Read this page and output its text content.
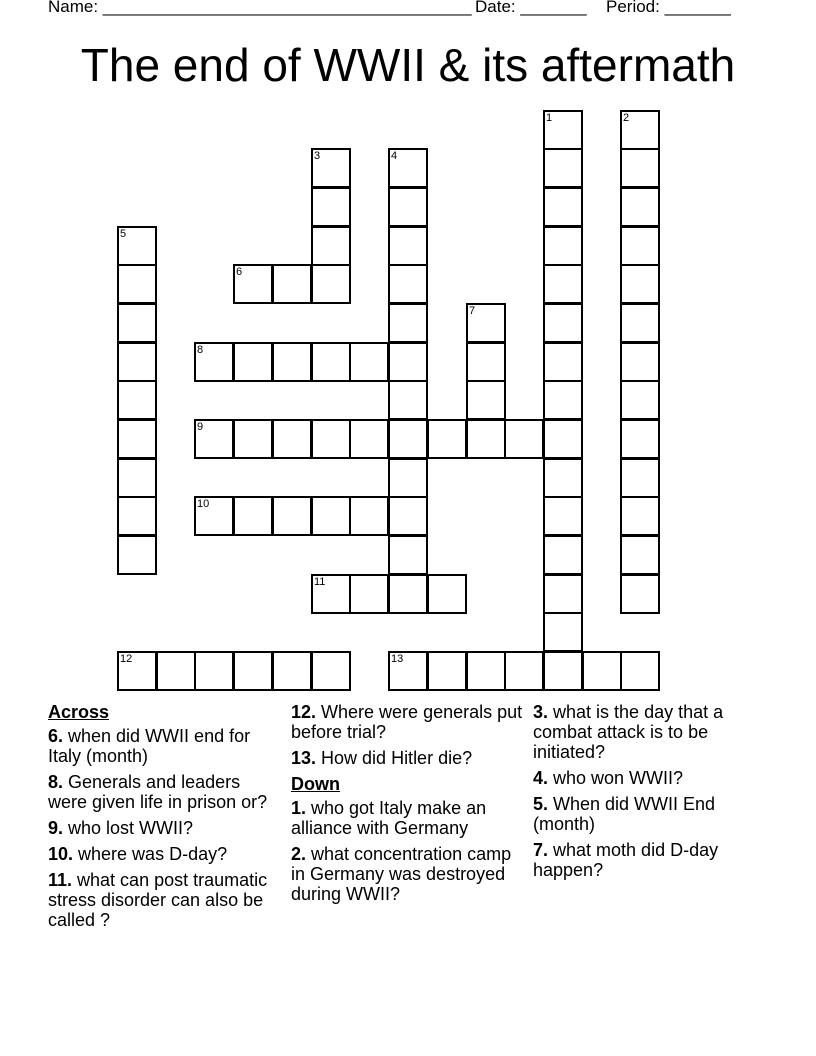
Name: _______________________________________ Date: _______ Period: _______
The end of WWII & its aftermath
1	2
3	4
5
6
7
8
9
10
11
12	13
Across
6. when did WWII end for Italy (month)
8. Generals and leaders were given life in prison or?
9. who lost WWII?
10. where was D-day?
11. what can post traumatic stress disorder can also be called ?
12. Where were generals put before trial?
13. How did Hitler die?
Down
1. who got Italy make an alliance with Germany
2. what concentration camp in Germany was destroyed during WWII?
3. what is the day that a combat attack is to be initiated?
4. who won WWII?
5. When did WWII End (month)
7. what moth did D-day happen?
